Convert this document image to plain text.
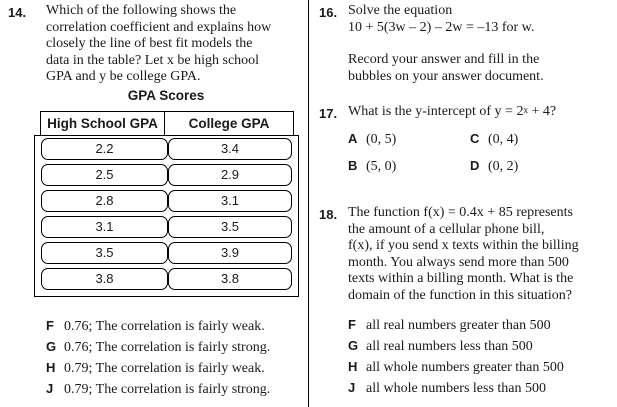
14. Which of the following shows the
correlation coefficient and explains how
closely the line of best fit models the
data in the table? Let x be high school
GPA and y be college GPA.
GPA Scores
High School GPA	College GPA
2.2	3.4
2.5	2.9
2.8	3.1
3.1	3.5
3.5	3.9
3.8	3.8
F 0.76; The correlation is fairly weak.
G 0.76; The correlation is fairly strong.
H 0.79; The correlation is fairly weak.
J 0.79; The correlation is fairly strong.
16. Solve the equation
10 + 5(3w – 2) – 2w = –13 for w.
Record your answer and fill in the
bubbles on your answer document.
17. What is the y-intercept of $y = 2^x + 4$?
A (0, 5)
B (5, 0)
C (0, 4)
D (0, 2)
18. The function f(x) = 0.4x + 85 represents
the amount of a cellular phone bill,
f(x), if you send x texts within the billing
month. You always send more than 500
texts within a billing month. What is the
domain of the function in this situation?
F all real numbers greater than 500
G all real numbers less than 500
H all whole numbers greater than 500
J all whole numbers less than 500
